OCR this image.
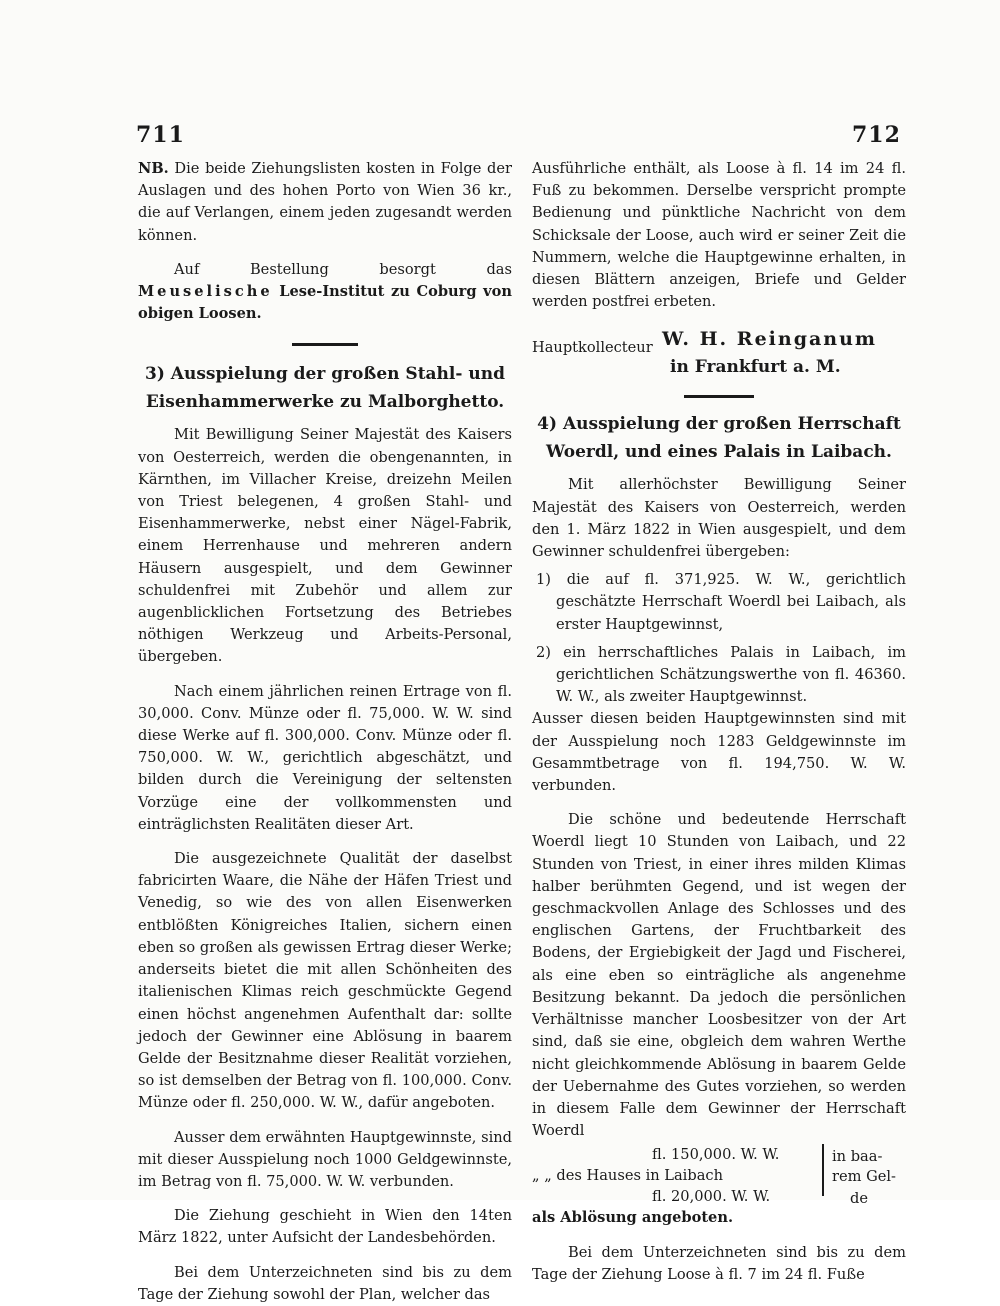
711	712

NB. Die beide Ziehungslisten kosten in Folge der Auslagen und des hohen Porto von Wien 36 kr., die auf Verlangen, einem jeden zugesandt werden können.

Auf Bestellung besorgt das Meuselische Lese-Institut zu Coburg von obigen Loosen.

3) Ausspielung der großen Stahl- und Eisenhammerwerke zu Malborghetto.

Mit Bewilligung Seiner Majestät des Kaisers von Oesterreich, werden die obengenannten, in Kärnthen, im Villacher Kreise, dreizehn Meilen von Triest belegenen, 4 großen Stahl- und Eisenhammerwerke, nebst einer Nägel-Fabrik, einem Herrenhause und mehreren andern Häusern ausgespielt, und dem Gewinner schuldenfrei mit Zubehör und allem zur augenblicklichen Fortsetzung des Betriebes nöthigen Werkzeug und Arbeits-Personal, übergeben.

Nach einem jährlichen reinen Ertrage von fl. 30,000. Conv. Münze oder fl. 75,000. W. W. sind diese Werke auf fl. 300,000. Conv. Münze oder fl. 750,000. W. W., gerichtlich abgeschätzt, und bilden durch die Vereinigung der seltensten Vorzüge eine der vollkommensten und einträglichsten Realitäten dieser Art.

Die ausgezeichnete Qualität der daselbst fabricirten Waare, die Nähe der Häfen Triest und Venedig, so wie des von allen Eisenwerken entblößten Königreiches Italien, sichern einen eben so großen als gewissen Ertrag dieser Werke; anderseits bietet die mit allen Schönheiten des italienischen Klimas reich geschmückte Gegend einen höchst angenehmen Aufenthalt dar: sollte jedoch der Gewinner eine Ablösung in baarem Gelde der Besitznahme dieser Realität vorziehen, so ist demselben der Betrag von fl. 100,000. Conv. Münze oder fl. 250,000. W. W., dafür angeboten.

Ausser dem erwähnten Hauptgewinnste, sind mit dieser Ausspielung noch 1000 Geldgewinnste, im Betrag von fl. 75,000. W. W. verbunden.

Die Ziehung geschieht in Wien den 14ten März 1822, unter Aufsicht der Landesbehörden.

Bei dem Unterzeichneten sind bis zu dem Tage der Ziehung sowohl der Plan, welcher das

Ausführliche enthält, als Loose à fl. 14 im 24 fl. Fuß zu bekommen. Derselbe verspricht prompte Bedienung und pünktliche Nachricht von dem Schicksale der Loose, auch wird er seiner Zeit die Nummern, welche die Hauptgewinne erhalten, in diesen Blättern anzeigen, Briefe und Gelder werden postfrei erbeten.

Hauptkollecteur W. H. Reinganum
in Frankfurt a. M.
4) Ausspielung der großen Herrschaft Woerdl, und eines Palais in Laibach.

Mit allerhöchster Bewilligung Seiner Majestät des Kaisers von Oesterreich, werden den 1. März 1822 in Wien ausgespielt, und dem Gewinner schuldenfrei übergeben:

1) die auf fl. 371,925. W. W., gerichtlich geschätzte Herrschaft Woerdl bei Laibach, als erster Hauptgewinnst,

2) ein herrschaftliches Palais in Laibach, im gerichtlichen Schätzungswerthe von fl. 46360. W. W., als zweiter Hauptgewinnst.

Ausser diesen beiden Hauptgewinnsten sind mit der Ausspielung noch 1283 Geldgewinnste im Gesammtbetrage von fl. 194,750. W. W. verbunden.

Die schöne und bedeutende Herrschaft Woerdl liegt 10 Stunden von Laibach, und 22 Stunden von Triest, in einer ihres milden Klimas halber berühmten Gegend, und ist wegen der geschmackvollen Anlage des Schlosses und des englischen Gartens, der Fruchtbarkeit des Bodens, der Ergiebigkeit der Jagd und Fischerei, als eine eben so einträgliche als angenehme Besitzung bekannt. Da jedoch die persönlichen Verhältnisse mancher Loosbesitzer von der Art sind, daß sie eine, obgleich dem wahren Werthe nicht gleichkommende Ablösung in baarem Gelde der Uebernahme des Gutes vorziehen, so werden in diesem Falle dem Gewinner der Herrschaft Woerdl

fl. 150,000. W. W.
„ „ des Hauses in Laibach
fl. 20,000. W. W.
in baa-
rem Gel-
de

als Ablösung angeboten.

Bei dem Unterzeichneten sind bis zu dem Tage der Ziehung Loose à fl. 7 im 24 fl. Fuße
